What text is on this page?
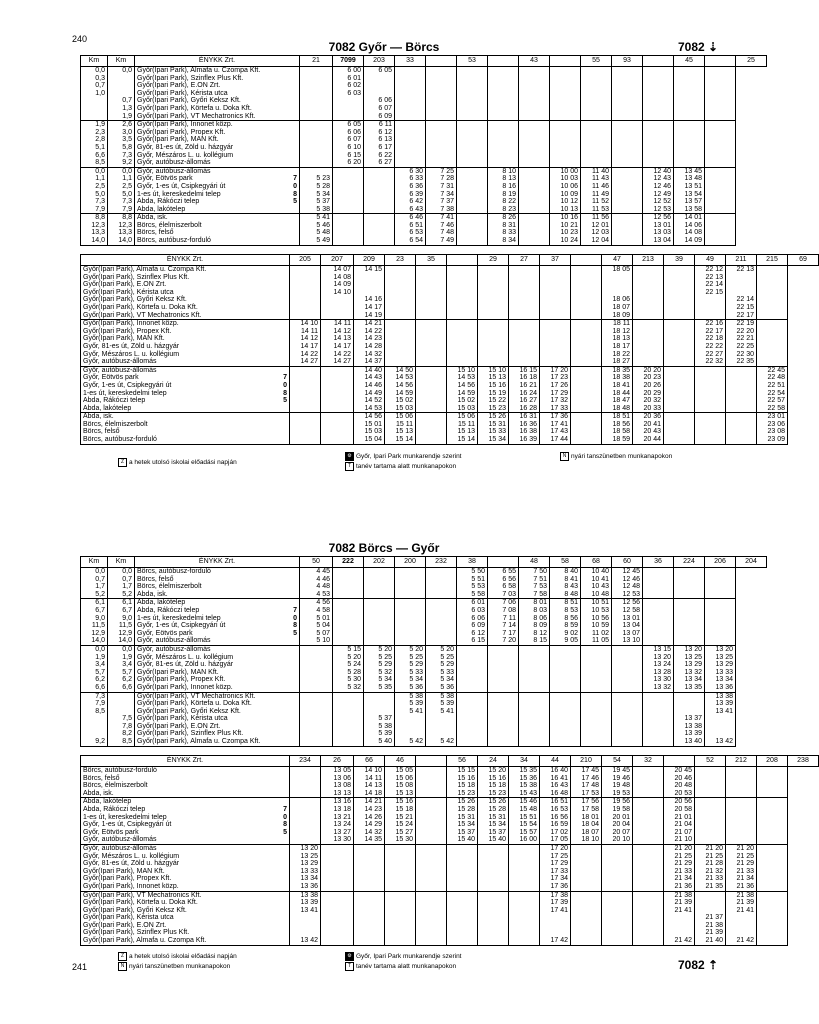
240
7082 Győr — Börcs	7082 ⇣
Km	Km	ÉNYKK Zrt.	21	7099	203	33		53		43		55	93		45		25
0,0	0,0	Győr(Ipari Park), Almafa u. Czompa Kft.		6 00	6 05												
0,3		Győr(Ipari Park), Szinflex Plus Kft.		6 01													
0,7		Győr(Ipari Park), E.ON Zrt.		6 02													
1,0		Győr(Ipari Park), Kérista utca		6 03													
	0,7	Győr(Ipari Park), Győri Keksz Kft.			6 06												
	1,3	Győr(Ipari Park), Körtefa u. Doka Kft.			6 07												
	1,9	Győr(Ipari Park), VT Mechatronics Kft.			6 09												
1,9	2,6	Győr(Ipari Park), Innonet közp.		6 05	6 11												
2,3	3,0	Győr(Ipari Park), Propex Kft.		6 06	6 12												
2,8	3,5	Győr(Ipari Park), MAN Kft.		6 07	6 13												
5,1	5,8	Győr, 81-es út, Zöld u. házgyár		6 10	6 17												
6,6	7,3	Győr, Mészáros L. u. kollégium		6 15	6 22												
8,5	9,2	Győr, autóbusz-állomás		6 20	6 27												
0,0	0,0	Győr, autóbusz-állomás				6 30	7 25		8 10		10 00	11 40		12 40	13 45		
1,1	1,1	Győr, Eötvös park 7	5 23			6 33	7 28		8 13		10 03	11 43		12 43	13 48		
2,5	2,5	Győr, 1-es út, Csipkegyári út 0	5 28			6 36	7 31		8 16		10 06	11 46		12 46	13 51		
5,0	5,0	1-es út, kereskedelmi telep 8	5 34			6 39	7 34		8 19		10 09	11 49		12 49	13 54		
7,3	7,3	Abda, Rákóczi telep 5	5 37			6 42	7 37		8 22		10 12	11 52		12 52	13 57		
7,9	7,9	Abda, lakótelep	5 38			6 43	7 38		8 23		10 13	11 53		12 53	13 58		
8,8	8,8	Abda, isk.	5 41			6 46	7 41		8 26		10 16	11 56		12 56	14 01		
12,3	12,3	Börcs, élelmiszerbolt	5 46			6 51	7 46		8 31		10 21	12 01		13 01	14 06		
13,3	13,3	Börcs, felső	5 48			6 53	7 48		8 33		10 23	12 03		13 03	14 08		
14,0	14,0	Börcs, autóbusz-forduló	5 49			6 54	7 49		8 34		10 24	12 04		13 04	14 09		
ÉNYKK Zrt.	205	207	209	23	35		29	27	37		47	213	39	49	211	215	69
Győr(Ipari Park), Almafa u. Czompa Kft.		14 07	14 15								18 05			22 12	22 13		
Győr(Ipari Park), Szinflex Plus Kft.		14 08												22 13			
Győr(Ipari Park), E.ON Zrt.		14 09												22 14			
Győr(Ipari Park), Kérista utca		14 10												22 15			
Győr(Ipari Park), Győri Keksz Kft.			14 16								18 06				22 14		
Győr(Ipari Park), Körtefa u. Doka Kft.			14 17								18 07				22 15		
Győr(Ipari Park), VT Mechatronics Kft.			14 19								18 09				22 17		
Győr(Ipari Park), Innonet közp.	14 10	14 11	14 21								18 11			22 16	22 19		
Győr(Ipari Park), Propex Kft.	14 11	14 12	14 22								18 12			22 17	22 20		
Győr(Ipari Park), MAN Kft.	14 12	14 13	14 23								18 13			22 18	22 21		
Győr, 81-es út, Zöld u. házgyár	14 17	14 17	14 28								18 17			22 22	22 25		
Győr, Mészáros L. u. kollégium	14 22	14 22	14 32								18 22			22 27	22 30		
Győr, autóbusz-állomás	14 27	14 27	14 37								18 27			22 32	22 35		
Győr, autóbusz-állomás			14 40	14 50		15 10	15 10	16 15	17 20		18 35	20 20				22 45	
Győr, Eötvös park 7			14 43	14 53		14 53	15 13	16 18	17 23		18 38	20 23				22 48	
Győr, 1-es út, Csipkegyári út 0			14 46	14 56		14 56	15 16	16 21	17 26		18 41	20 26				22 51	
1-es út, kereskedelmi telep 8			14 49	14 59		14 59	15 19	16 24	17 29		18 44	20 29				22 54	
Abda, Rákóczi telep 5			14 52	15 02		15 02	15 22	16 27	17 32		18 47	20 32				22 57	
Abda, lakótelep			14 53	15 03		15 03	15 23	16 28	17 33		18 48	20 33				22 58	
Abda, isk.			14 56	15 06		15 06	15 26	16 31	17 36		18 51	20 36				23 01	
Börcs, élelmiszerbolt			15 01	15 11		15 11	15 31	16 36	17 41		18 56	20 41				23 06	
Börcs, felső			15 03	15 13		15 13	15 33	16 38	17 43		18 58	20 43				23 08	
Börcs, autóbusz-forduló			15 04	15 14		15 14	15 34	16 39	17 44		18 59	20 44				23 09	
Z a hetek utolsó iskolai előadási napján
⚙ Győr, Ipari Park munkarendje szerint
T tanév tartama alatt munkanapokon
N nyári tanszünetben munkanapokon
7082 Börcs — Győr
Km	Km	ÉNYKK Zrt.	50	222	202	200	232	38		48	58	68	60	36	224	206	204
0,0	0,0	Börcs, autóbusz-forduló	4 45					5 50	6 55	7 50	8 40	10 40	12 45				
0,7	0,7	Börcs, felső	4 46					5 51	6 56	7 51	8 41	10 41	12 46				
1,7	1,7	Börcs, élelmiszerbolt	4 48					5 53	6 58	7 53	8 43	10 43	12 48				
5,2	5,2	Abda, isk.	4 53					5 58	7 03	7 58	8 48	10 48	12 53				
6,1	6,1	Abda, lakótelep	4 56					6 01	7 06	8 01	8 51	10 51	12 56				
6,7	6,7	Abda, Rákóczi telep 7	4 58					6 03	7 08	8 03	8 53	10 53	12 58				
9,0	9,0	1-es út, kereskedelmi telep 0	5 01					6 06	7 11	8 06	8 56	10 56	13 01				
11,5	11,5	Győr, 1-es út, Csipkegyári út 8	5 04					6 09	7 14	8 09	8 59	10 59	13 04				
12,9	12,9	Győr, Eötvös park 5	5 07					6 12	7 17	8 12	9 02	11 02	13 07				
14,0	14,0	Győr, autóbusz-állomás	5 10					6 15	7 20	8 15	9 05	11 05	13 10				
0,0	0,0	Győr, autóbusz-állomás		5 15	5 20	5 20	5 20							13 15	13 20	13 20	
1,9	1,9	Győr, Mészáros L. u. kollégium		5 20	5 25	5 25	5 25							13 20	13 25	13 25	
3,4	3,4	Győr, 81-es út, Zöld u. házgyár		5 24	5 29	5 29	5 29							13 24	13 29	13 29	
5,7	5,7	Győr(Ipari Park), MAN Kft.		5 28	5 32	5 33	5 33							13 28	13 32	13 33	
6,2	6,2	Győr(Ipari Park), Propex Kft.		5 30	5 34	5 34	5 34							13 30	13 34	13 34	
6,6	6,6	Győr(Ipari Park), Innonet közp.		5 32	5 35	5 36	5 36							13 32	13 35	13 36	
7,3		Győr(Ipari Park), VT Mechatronics Kft.				5 38	5 38									13 38	
7,9		Győr(Ipari Park), Körtefa u. Doka Kft.				5 39	5 39									13 39	
8,5		Győr(Ipari Park), Győri Keksz Kft.				5 41	5 41									13 41	
	7,5	Győr(Ipari Park), Kérista utca			5 37										13 37		
	7,8	Győr(Ipari Park), E.ON Zrt.			5 38										13 38		
	8,2	Győr(Ipari Park), Szinflex Plus Kft.			5 39										13 39		
9,2	8,5	Győr(Ipari Park), Almafa u. Czompa Kft.			5 40	5 42	5 42								13 40	13 42	
ÉNYKK Zrt.	234	26	66	46		56	24	34	44	210	54	32		52	212	208	238
Börcs, autóbusz-forduló		13 05	14 10	15 05		15 15	15 20	15 35	16 40	17 45	19 45		20 45				
Börcs, felső		13 06	14 11	15 06		15 16	15 16	15 36	16 41	17 46	19 46		20 46				
Börcs, élelmiszerbolt		13 08	14 13	15 08		15 18	15 18	15 38	16 43	17 48	19 48		20 48				
Abda, isk.		13 13	14 18	15 13		15 23	15 23	15 43	16 48	17 53	19 53		20 53				
Abda, lakótelep		13 16	14 21	15 16		15 26	15 26	15 46	16 51	17 56	19 56		20 56				
Abda, Rákóczi telep 7		13 18	14 23	15 18		15 28	15 28	15 48	16 53	17 58	19 58		20 58				
1-es út, kereskedelmi telep 0		13 21	14 26	15 21		15 31	15 31	15 51	16 56	18 01	20 01		21 01				
Győr, 1-es út, Csipkegyári út 8		13 24	14 29	15 24		15 34	15 34	15 54	16 59	18 04	20 04		21 04				
Győr, Eötvös park 5		13 27	14 32	15 27		15 37	15 37	15 57	17 02	18 07	20 07		21 07				
Győr, autóbusz-állomás		13 30	14 35	15 30		15 40	15 40	16 00	17 05	18 10	20 10		21 10				
Győr, autóbusz-állomás	13 20								17 20				21 20	21 20	21 20		
Győr, Mészáros L. u. kollégium	13 25								17 25				21 25	21 25	21 25		
Győr, 81-es út, Zöld u. házgyár	13 29								17 29				21 29	21 28	21 29		
Győr(Ipari Park), MAN Kft.	13 33								17 33				21 33	21 32	21 33		
Győr(Ipari Park), Propex Kft.	13 34								17 34				21 34	21 33	21 34		
Győr(Ipari Park), Innonet közp.	13 36								17 36				21 36	21 35	21 36		
Győr(Ipari Park), VT Mechatronics Kft.	13 38								17 38				21 38		21 38		
Győr(Ipari Park), Körtefa u. Doka Kft.	13 39								17 39				21 39		21 39		
Győr(Ipari Park), Győri Keksz Kft.	13 41								17 41				21 41		21 41		
Győr(Ipari Park), Kérista utca														21 37			
Győr(Ipari Park), E.ON Zrt.														21 38			
Győr(Ipari Park), Szinflex Plus Kft.														21 39			
Győr(Ipari Park), Almafa u. Czompa Kft.	13 42								17 42				21 42	21 40	21 42		
Z a hetek utolsó iskolai előadási napján
N nyári tanszünetben munkanapokon
⚙ Győr, Ipari Park munkarendje szerint
T tanév tartama alatt munkanapokon
241	7082 ⇡
